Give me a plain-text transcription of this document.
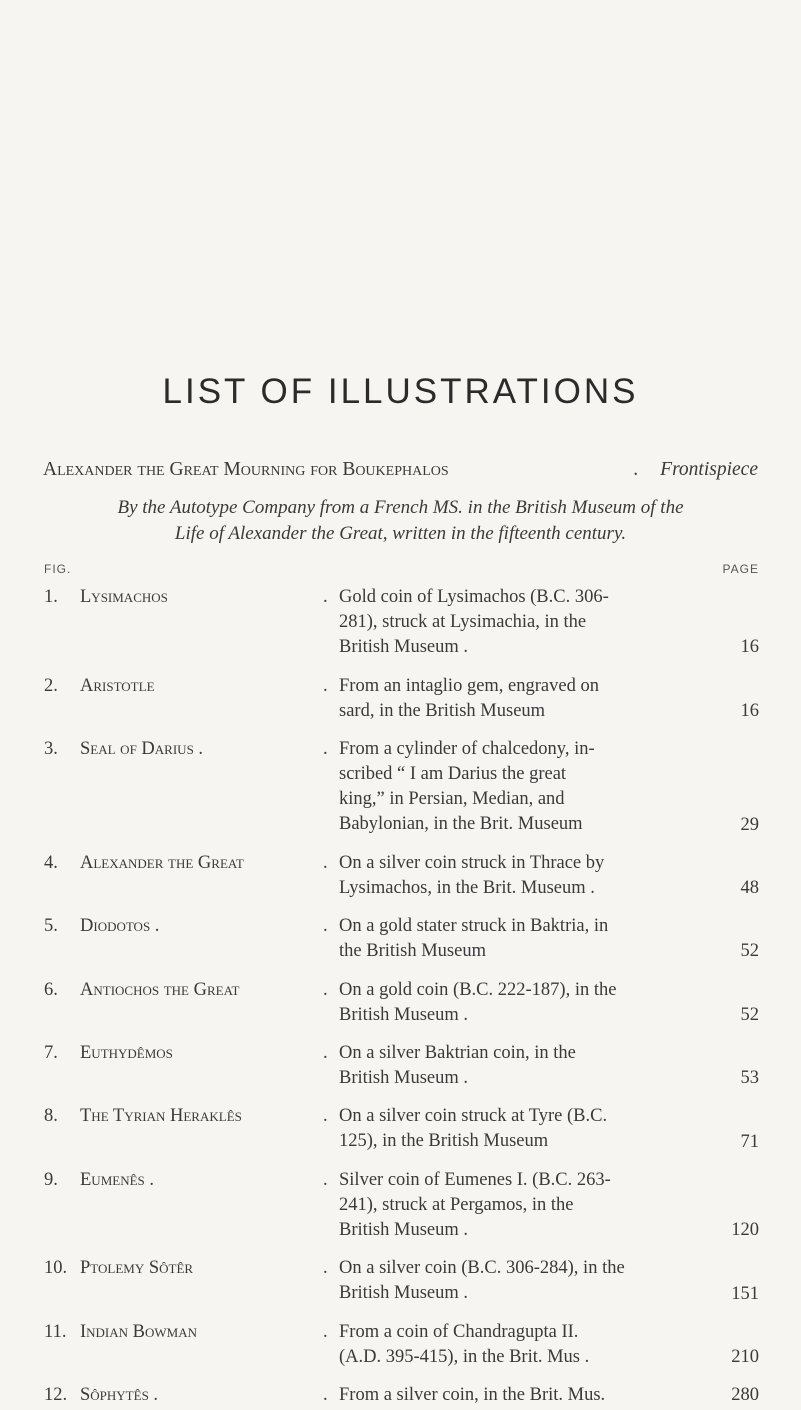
LIST OF ILLUSTRATIONS
Alexander the Great Mourning for Boukephalos	. Frontispiece
By the Autotype Company from a French MS. in the British Museum of the
Life of Alexander the Great, written in the fifteenth century.
FIG.	PAGE
1. Lysimachos	. Gold coin of Lysimachos (B.C. 306-
281), struck at Lysimachia, in the
British Museum .	16
2. Aristotle	. From an intaglio gem, engraved on
sard, in the British Museum	16
3. Seal of Darius .	. From a cylinder of chalcedony, in-
scribed “ I am Darius the great
king,” in Persian, Median, and
Babylonian, in the Brit. Museum	29
4. Alexander the Great	. On a silver coin struck in Thrace by
Lysimachos, in the Brit. Museum .	48
5. Diodotos .	. On a gold stater struck in Baktria, in
the British Museum	52
6. Antiochos the Great	. On a gold coin (B.C. 222-187), in the
British Museum .	52
7. Euthydêmos	. On a silver Baktrian coin, in the
British Museum .	53
8. The Tyrian Heraklês	. On a silver coin struck at Tyre (B.C.
125), in the British Museum	71
9. Eumenês .	. Silver coin of Eumenes I. (B.C. 263-
241), struck at Pergamos, in the
British Museum .	120
10. Ptolemy Sôtêr	. On a silver coin (B.C. 306-284), in the
British Museum .	151
11. Indian Bowman	. From a coin of Chandragupta II.
(A.D. 395-415), in the Brit. Mus .	210
12. Sôphytês .	. From a silver coin, in the Brit. Mus.	280
